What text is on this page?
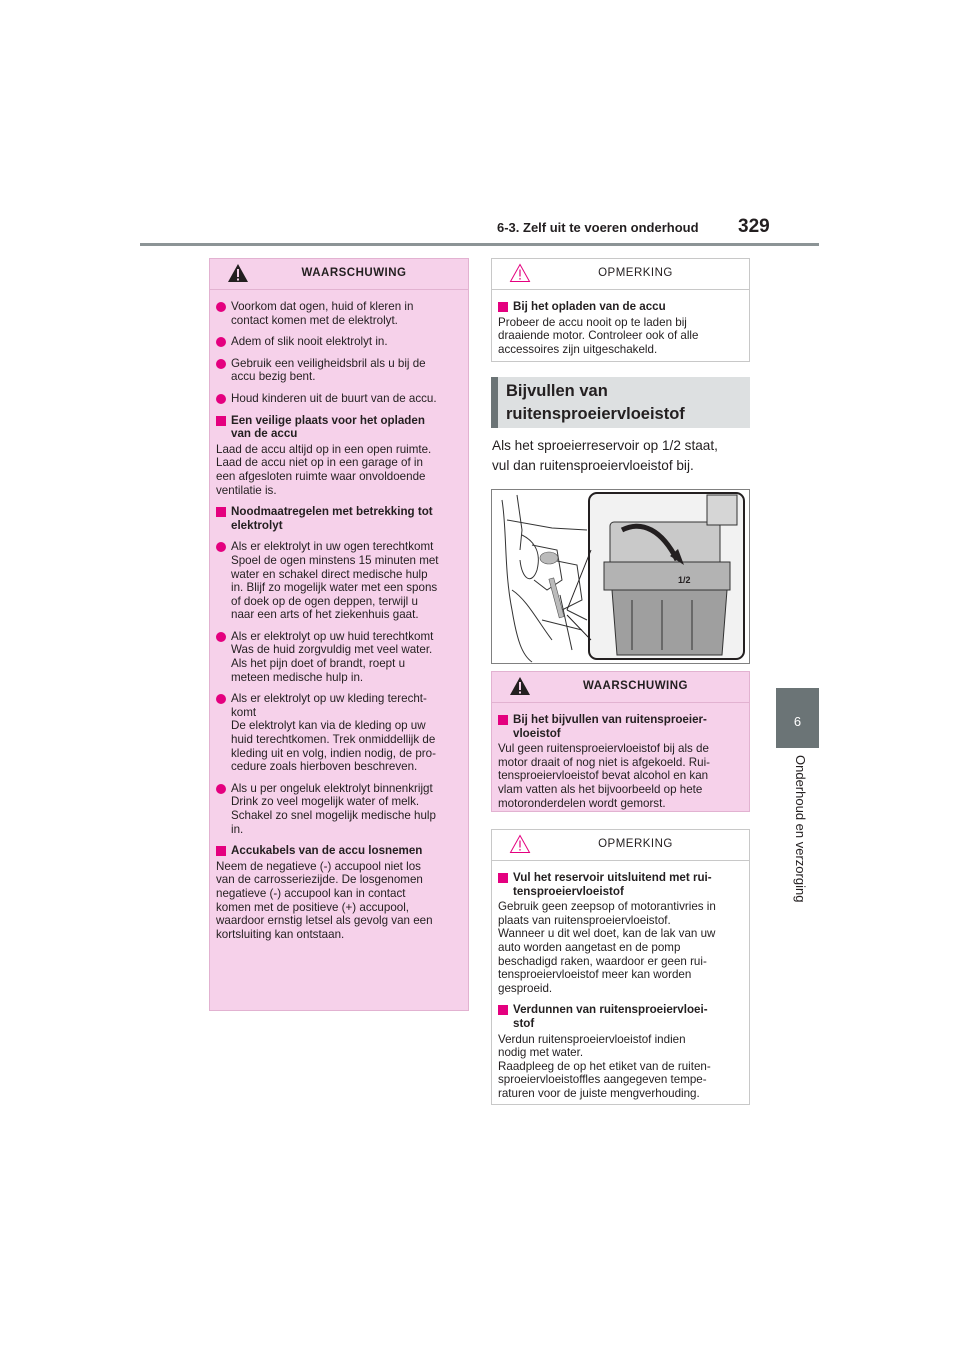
6-3. Zelf uit te voeren onderhoud 329
6
Onderhoud en verzorging
WAARSCHUWING
Voorkom dat ogen, huid of kleren in
contact komen met de elektrolyt.
Adem of slik nooit elektrolyt in.
Gebruik een veiligheidsbril als u bij de
accu bezig bent.
Houd kinderen uit de buurt van de accu.
Een veilige plaats voor het opladen
van de accu
Laad de accu altijd op in een open ruimte.
Laad de accu niet op in een garage of in
een afgesloten ruimte waar onvoldoende
ventilatie is.
Noodmaatregelen met betrekking tot
elektrolyt
Als er elektrolyt in uw ogen terechtkomt
Spoel de ogen minstens 15 minuten met
water en schakel direct medische hulp
in. Blijf zo mogelijk water met een spons
of doek op de ogen deppen, terwijl u
naar een arts of het ziekenhuis gaat.
Als er elektrolyt op uw huid terechtkomt
Was de huid zorgvuldig met veel water.
Als het pijn doet of brandt, roept u
meteen medische hulp in.
Als er elektrolyt op uw kleding terecht-
komt
De elektrolyt kan via de kleding op uw
huid terechtkomen. Trek onmiddellijk de
kleding uit en volg, indien nodig, de pro-
cedure zoals hierboven beschreven.
Als u per ongeluk elektrolyt binnenkrijgt
Drink zo veel mogelijk water of melk.
Schakel zo snel mogelijk medische hulp
in.
Accukabels van de accu losnemen
Neem de negatieve (-) accupool niet los
van de carrosseriezijde. De losgenomen
negatieve (-) accupool kan in contact
komen met de positieve (+) accupool,
waardoor ernstig letsel als gevolg van een
kortsluiting kan ontstaan.
OPMERKING
Bij het opladen van de accu
Probeer de accu nooit op te laden bij
draaiende motor. Controleer ook of alle
accessoires zijn uitgeschakeld.
Bijvullen van
ruitensproeiervloeistof
Als het sproeierreservoir op 1/2 staat,
vul dan ruitensproeiervloeistof bij.
1/2
WAARSCHUWING
Bij het bijvullen van ruitensproeier-
vloeistof
Vul geen ruitensproeiervloeistof bij als de
motor draait of nog niet is afgekoeld. Rui-
tensproeiervloeistof bevat alcohol en kan
vlam vatten als het bijvoorbeeld op hete
motoronderdelen wordt gemorst.
OPMERKING
Vul het reservoir uitsluitend met rui-
tensproeiervloeistof
Gebruik geen zeepsop of motorantivries in
plaats van ruitensproeiervloeistof.
Wanneer u dit wel doet, kan de lak van uw
auto worden aangetast en de pomp
beschadigd raken, waardoor er geen rui-
tensproeiervloeistof meer kan worden
gesproeid.
Verdunnen van ruitensproeiervloei-
stof
Verdun ruitensproeiervloeistof indien
nodig met water.
Raadpleeg de op het etiket van de ruiten-
sproeiervloeistoffles aangegeven tempe-
raturen voor de juiste mengverhouding.
